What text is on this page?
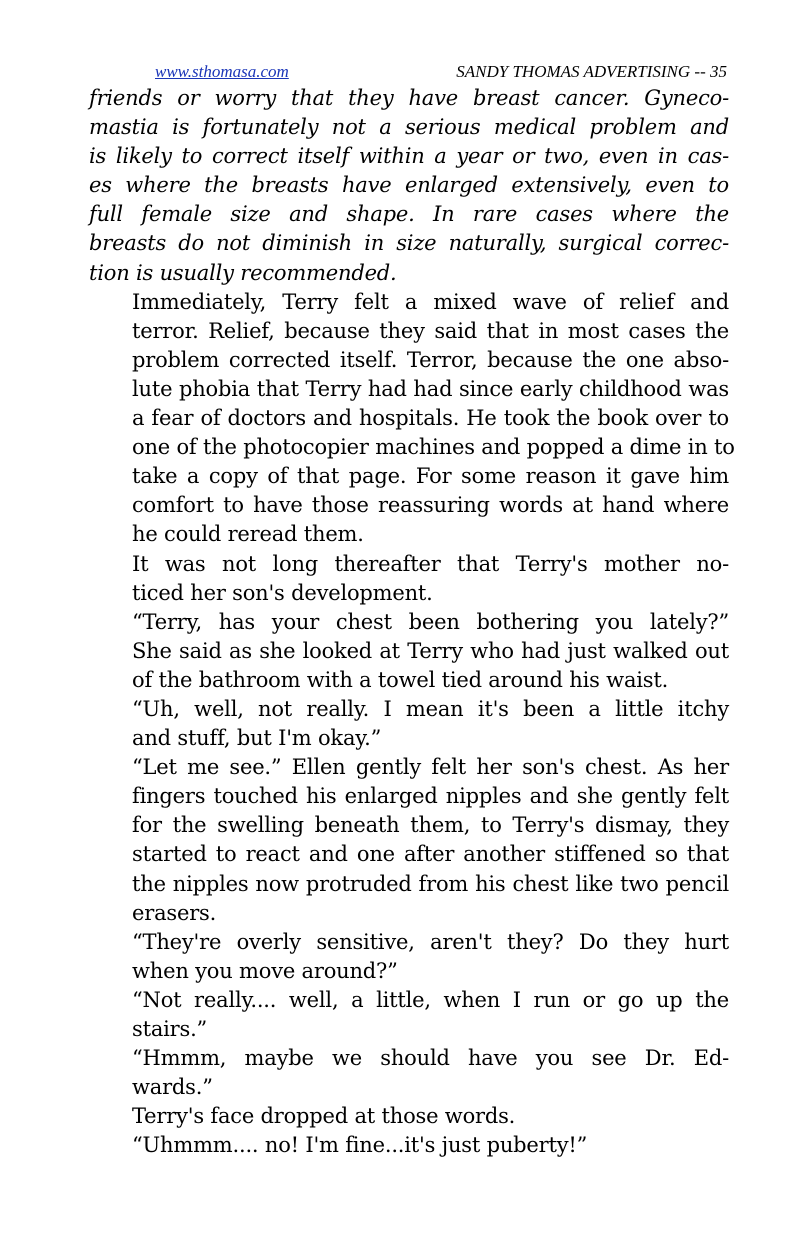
www.sthomasa.com	SANDY THOMAS ADVERTISING -- 35

friends or worry that they have breast cancer. Gyneco-
mastia is fortunately not a serious medical problem and
is likely to correct itself within a year or two, even in cas-
es where the breasts have enlarged extensively, even to
full female size and shape. In rare cases where the
breasts do not diminish in size naturally, surgical correc-
tion is usually recommended.

Immediately, Terry felt a mixed wave of relief and
terror. Relief, because they said that in most cases the
problem corrected itself. Terror, because the one abso-
lute phobia that Terry had had since early childhood was
a fear of doctors and hospitals. He took the book over to
one of the photocopier machines and popped a dime in to
take a copy of that page. For some reason it gave him
comfort to have those reassuring words at hand where
he could reread them.

It was not long thereafter that Terry's mother no-
ticed her son's development.

“Terry, has your chest been bothering you lately?”
She said as she looked at Terry who had just walked out
of the bathroom with a towel tied around his waist.

“Uh, well, not really. I mean it's been a little itchy
and stuff, but I'm okay.”

“Let me see.” Ellen gently felt her son's chest. As her
fingers touched his enlarged nipples and she gently felt
for the swelling beneath them, to Terry's dismay, they
started to react and one after another stiffened so that
the nipples now protruded from his chest like two pencil
erasers.

“They're overly sensitive, aren't they? Do they hurt
when you move around?”

“Not really.... well, a little, when I run or go up the
stairs.”

“Hmmm, maybe we should have you see Dr. Ed-
wards.”

Terry's face dropped at those words.

“Uhmmm.... no! I'm fine...it's just puberty!”
